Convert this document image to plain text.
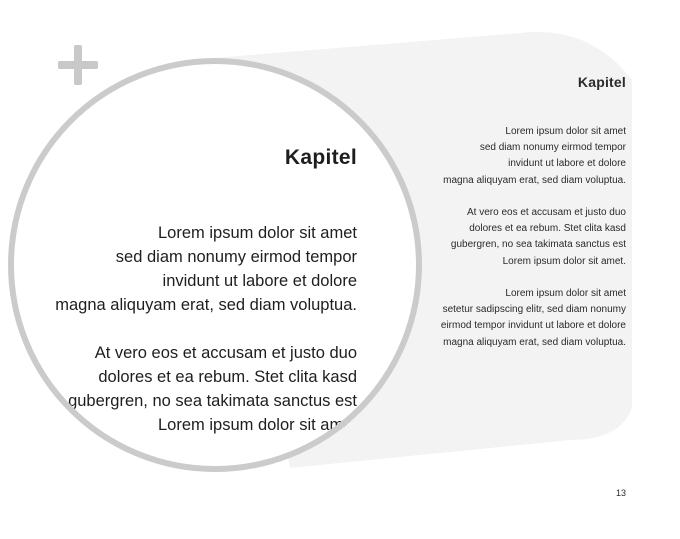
Kapitel

Lorem ipsum dolor sit amet

sed diam nonumy eirmod tempor

invidunt ut labore et dolore

magna aliquyam erat, sed diam voluptua.

At vero eos et accusam et justo duo

dolores et ea rebum. Stet clita kasd

gubergren, no sea takimata sanctus est

Lorem ipsum dolor sit amet.

Lorem ipsum dolor sit amet

setetur sadipscing elitr, sed diam nonumy

eirmod tempor invidunt ut labore et dolore

magna aliquyam erat, sed diam voluptua.

13
Kapitel

Lorem ipsum dolor sit amet

sed diam nonumy eirmod tempor

invidunt ut labore et dolore

magna aliquyam erat, sed diam voluptua.

At vero eos et accusam et justo duo

dolores et ea rebum. Stet clita kasd

gubergren, no sea takimata sanctus est

Lorem ipsum dolor sit amet
